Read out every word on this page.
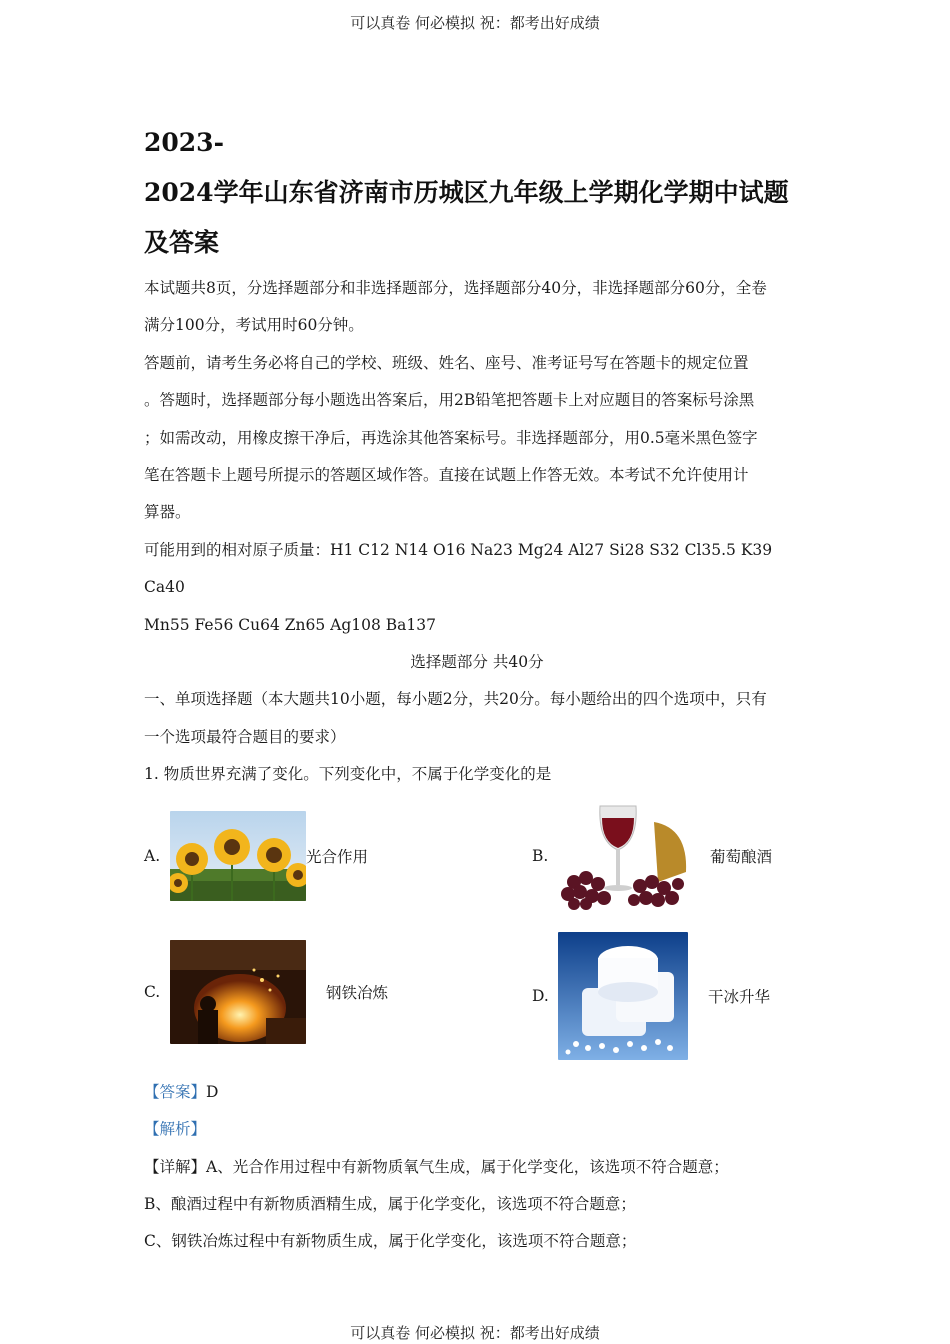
可以真卷 何必模拟 祝：都考出好成绩
2023-
2024学年山东省济南市历城区九年级上学期化学期中试题
及答案

本试题共8页，分选择题部分和非选择题部分，选择题部分40分，非选择题部分60分，全卷

满分100分，考试用时60分钟。

答题前，请考生务必将自己的学校、班级、姓名、座号、准考证号写在答题卡的规定位置

。答题时，选择题部分每小题选出答案后，用2B铅笔把答题卡上对应题目的答案标号涂黑

；如需改动，用橡皮擦干净后，再选涂其他答案标号。非选择题部分，用0.5毫米黑色签字

笔在答题卡上题号所提示的答题区域作答。直接在试题上作答无效。本考试不允许使用计

算器。

可能用到的相对原子质量：H1 C12 N14 O16 Na23 Mg24 Al27 Si28 S32 Cl35.5 K39 Ca40

Mn55 Fe56 Cu64 Zn65 Ag108 Ba137

选择题部分 共40分

一、单项选择题（本大题共10小题，每小题2分，共20分。每小题给出的四个选项中，只有

一个选项最符合题目的要求）

1. 物质世界充满了变化。下列变化中，不属于化学变化的是

A.	光合作用	B.	葡萄酿酒
C.	钢铁冶炼	D.	干冰升华

【答案】D

【解析】

【详解】A、光合作用过程中有新物质氧气生成，属于化学变化，该选项不符合题意；

B、酿酒过程中有新物质酒精生成，属于化学变化，该选项不符合题意；

C、钢铁冶炼过程中有新物质生成，属于化学变化，该选项不符合题意；

可以真卷 何必模拟 祝：都考出好成绩
